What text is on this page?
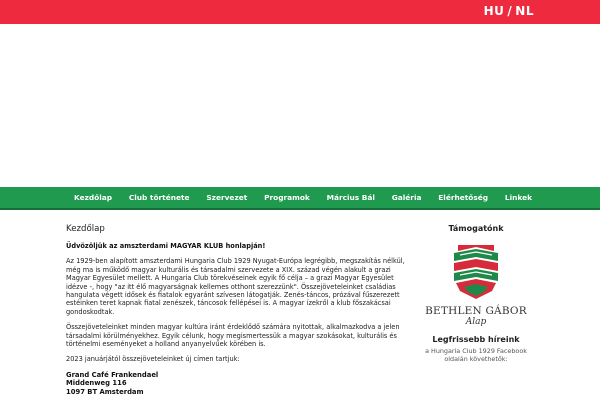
HU / NL
Kezdőlap Club története Szervezet Programok Március Bál Galéria Elérhetőség Linkek
Kezdőlap

Üdvözöljük az amszterdami MAGYAR KLUB honlapján!

Az 1929-ben alapított amszterdami Hungaria Club 1929 Nyugat-Európa legrégibb, megszakítás nélkül, még ma is működő magyar kulturális és társadalmi szervezete a XIX. század végén alakult a grazi Magyar Egyesület mellett. A Hungaria Club törekvéseinek egyik fő célja – a grazi Magyar Egyesület idézve -, hogy "az itt élő magyarságnak kellemes otthont szerezzünk". Összejöveteleinket családias hangulata végett idősek és fiatalok egyaránt szívesen látogatják. Zenés-táncos, prózával fűszerezett estéinken teret kapnak fiatal zenészek, táncosok fellépései is. A magyar ízekről a klub főszakácsai gondoskodtak.

Összejöveteleinket minden magyar kultúra iránt érdeklődő számára nyitottak, alkalmazkodva a jelen társadalmi körülményekhez. Egyik célunk, hogy megismertessük a magyar szokásokat, kulturális és történelmi eseményeket a holland anyanyelvűek körében is.

2023 januárjától összejöveteleinket új címen tartjuk:

Grand Café Frankendael
Middenweg 116
1097 BT Amsterdam
Támogatónk
BETHLEN GÁBOR
Alap
Legfrissebb híreink
a Hungaria Club 1929 Facebook
oldalán követhetők:
